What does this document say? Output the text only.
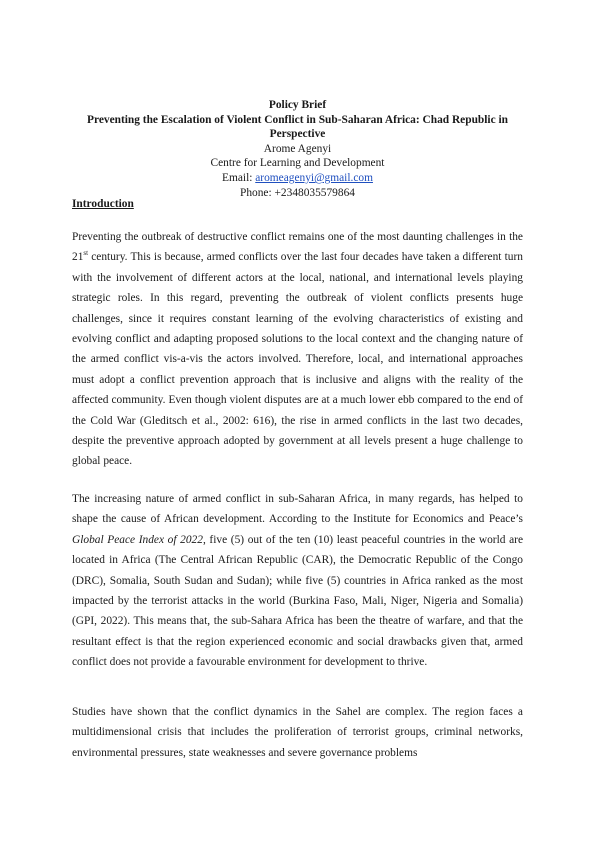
Policy Brief
Preventing the Escalation of Violent Conflict in Sub-Saharan Africa: Chad Republic in Perspective
Arome Agenyi
Centre for Learning and Development
Email: aromeagenyi@gmail.com
Phone: +2348035579864
Introduction

Preventing the outbreak of destructive conflict remains one of the most daunting challenges in the 21st century. This is because, armed conflicts over the last four decades have taken a different turn with the involvement of different actors at the local, national, and international levels playing strategic roles. In this regard, preventing the outbreak of violent conflicts presents huge challenges, since it requires constant learning of the evolving characteristics of existing and evolving conflict and adapting proposed solutions to the local context and the changing nature of the armed conflict vis-a-vis the actors involved. Therefore, local, and international approaches must adopt a conflict prevention approach that is inclusive and aligns with the reality of the affected community. Even though violent disputes are at a much lower ebb compared to the end of the Cold War (Gleditsch et al., 2002: 616), the rise in armed conflicts in the last two decades, despite the preventive approach adopted by government at all levels present a huge challenge to global peace.

The increasing nature of armed conflict in sub-Saharan Africa, in many regards, has helped to shape the cause of African development. According to the Institute for Economics and Peace’s Global Peace Index of 2022, five (5) out of the ten (10) least peaceful countries in the world are located in Africa (The Central African Republic (CAR), the Democratic Republic of the Congo (DRC), Somalia, South Sudan and Sudan); while five (5) countries in Africa ranked as the most impacted by the terrorist attacks in the world (Burkina Faso, Mali, Niger, Nigeria and Somalia) (GPI, 2022). This means that, the sub-Sahara Africa has been the theatre of warfare, and that the resultant effect is that the region experienced economic and social drawbacks given that, armed conflict does not provide a favourable environment for development to thrive.

Studies have shown that the conflict dynamics in the Sahel are complex. The region faces a multidimensional crisis that includes the proliferation of terrorist groups, criminal networks, environmental pressures, state weaknesses and severe governance problems
